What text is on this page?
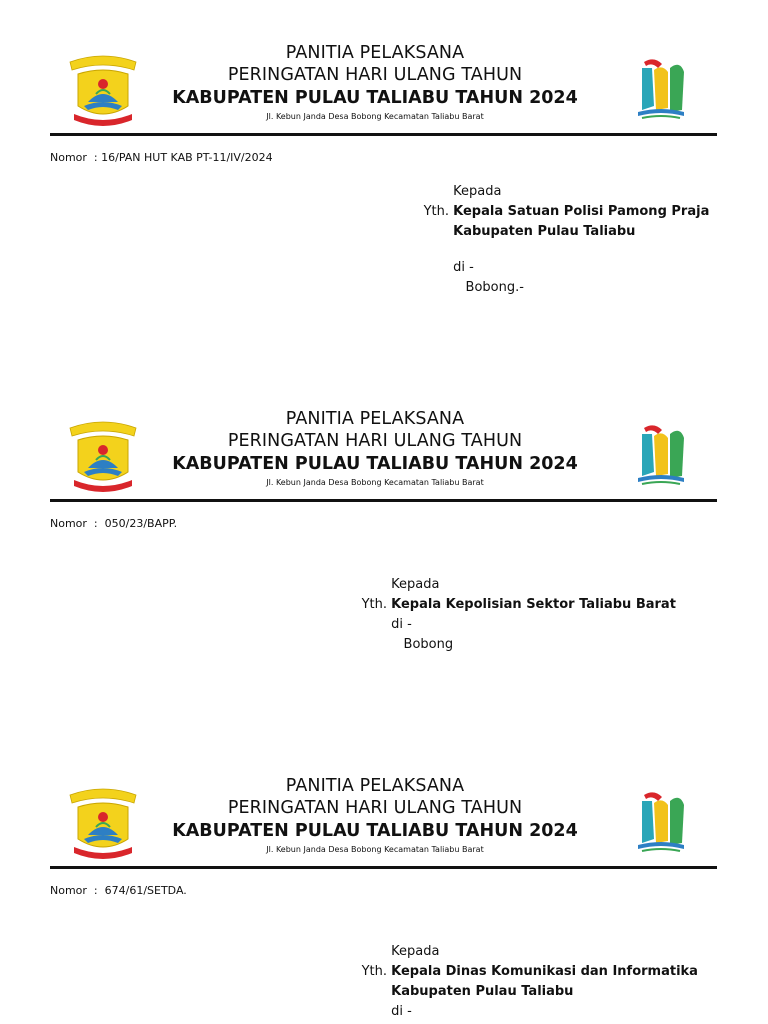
PANITIA PELAKSANA
PERINGATAN HARI ULANG TAHUN
KABUPATEN PULAU TALIABU TAHUN 2024
Jl. Kebun Janda Desa Bobong Kecamatan Taliabu Barat
Nomor  : 16/PAN HUT KAB PT-11/IV/2024
Kepada
Yth. Kepala Satuan Polisi Pamong Praja
Kabupaten Pulau Taliabu
di -
Bobong.-
PANITIA PELAKSANA
PERINGATAN HARI ULANG TAHUN
KABUPATEN PULAU TALIABU TAHUN 2024
Jl. Kebun Janda Desa Bobong Kecamatan Taliabu Barat
Nomor  :  050/23/BAPP.
Kepada
Yth. Kepala Kepolisian Sektor Taliabu Barat
di -
Bobong
PANITIA PELAKSANA
PERINGATAN HARI ULANG TAHUN
KABUPATEN PULAU TALIABU TAHUN 2024
Jl. Kebun Janda Desa Bobong Kecamatan Taliabu Barat
Nomor  :  674/61/SETDA.
Kepada
Yth. Kepala Dinas Komunikasi dan Informatika
Kabupaten Pulau Taliabu
di -
